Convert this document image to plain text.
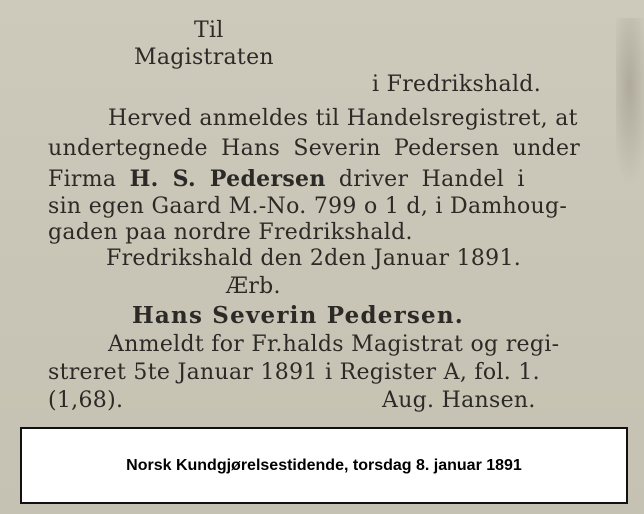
Til
Magistraten
i Fredrikshald.
Herved anmeldes til Handelsregistret, at
undertegnede Hans Severin Pedersen under
Firma H. S. Pedersen driver Handel i
sin egen Gaard M.-No. 799 o 1 d, i Damhoug-
gaden paa nordre Fredrikshald.
Fredrikshald den 2den Januar 1891.
Ærb.
Hans Severin Pedersen.
Anmeldt for Fr.halds Magistrat og regi-
streret 5te Januar 1891 i Register A, fol. 1.
(1,68).	Aug. Hansen.
Norsk Kundgjørelsestidende, torsdag 8. januar 1891
